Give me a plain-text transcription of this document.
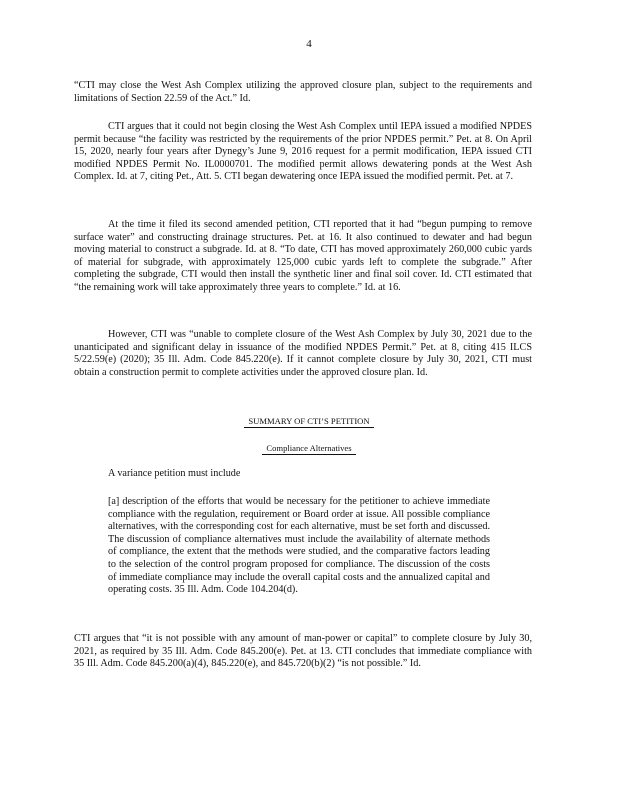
4

“CTI may close the West Ash Complex utilizing the approved closure plan, subject to the requirements and limitations of Section 22.59 of the Act.” Id.

CTI argues that it could not begin closing the West Ash Complex until IEPA issued a modified NPDES permit because “the facility was restricted by the requirements of the prior NPDES permit.” Pet. at 8. On April 15, 2020, nearly four years after Dynegy’s June 9, 2016 request for a permit modification, IEPA issued CTI modified NPDES Permit No. IL0000701. The modified permit allows dewatering ponds at the West Ash Complex. Id. at 7, citing Pet., Att. 5. CTI began dewatering once IEPA issued the modified permit. Pet. at 7.

At the time it filed its second amended petition, CTI reported that it had “begun pumping to remove surface water” and constructing drainage structures. Pet. at 16. It also continued to dewater and had begun moving material to construct a subgrade. Id. at 8. “To date, CTI has moved approximately 260,000 cubic yards of material for subgrade, with approximately 125,000 cubic yards left to complete the subgrade.” After completing the subgrade, CTI would then install the synthetic liner and final soil cover. Id. CTI estimated that “the remaining work will take approximately three years to complete.” Id. at 16.

However, CTI was “unable to complete closure of the West Ash Complex by July 30, 2021 due to the unanticipated and significant delay in issuance of the modified NPDES Permit.” Pet. at 8, citing 415 ILCS 5/22.59(e) (2020); 35 Ill. Adm. Code 845.220(e). If it cannot complete closure by July 30, 2021, CTI must obtain a construction permit to complete activities under the approved closure plan. Id.

SUMMARY OF CTI’S PETITION
Compliance Alternatives

A variance petition must include

[a] description of the efforts that would be necessary for the petitioner to achieve immediate compliance with the regulation, requirement or Board order at issue. All possible compliance alternatives, with the corresponding cost for each alternative, must be set forth and discussed. The discussion of compliance alternatives must include the availability of alternate methods of compliance, the extent that the methods were studied, and the comparative factors leading to the selection of the control program proposed for compliance. The discussion of the costs of immediate compliance may include the overall capital costs and the annualized capital and operating costs. 35 Ill. Adm. Code 104.204(d).

CTI argues that “it is not possible with any amount of man-power or capital” to complete closure by July 30, 2021, as required by 35 Ill. Adm. Code 845.200(e). Pet. at 13. CTI concludes that immediate compliance with 35 Ill. Adm. Code 845.200(a)(4), 845.220(e), and 845.720(b)(2) “is not possible.” Id.
